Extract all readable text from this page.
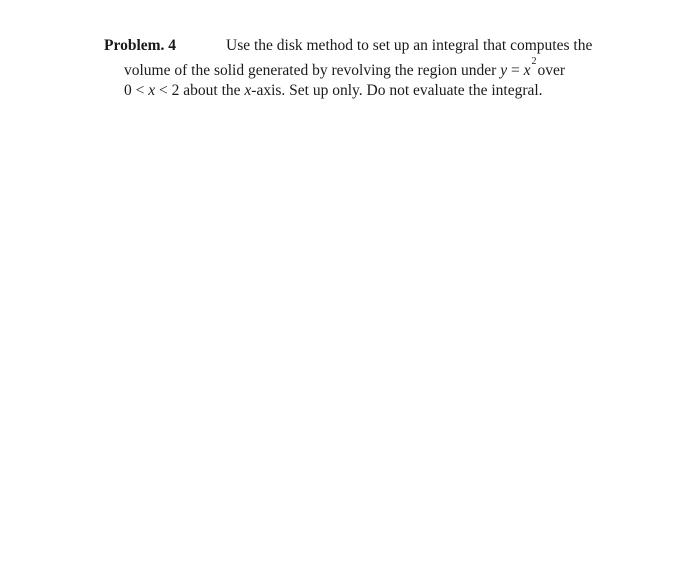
Problem. 4	Use the disk method to set up an integral that computes the
volume of the solid generated by revolving the region under y = x2over
0 < x < 2 about the x-axis. Set up only. Do not evaluate the integral.
